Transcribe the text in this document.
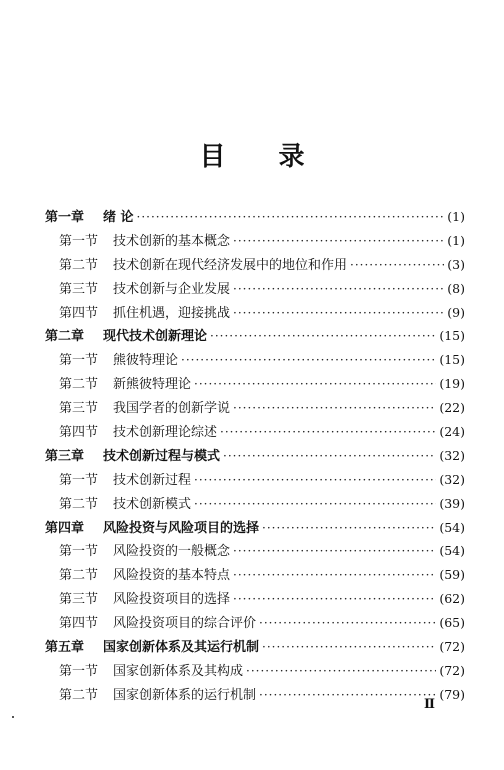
目 录
第一章	绪 论 ·····	(1)
第一节	技术创新的基本概念 ·····	(1)
第二节	技术创新在现代经济发展中的地位和作用 ·····	(3)
第三节	技术创新与企业发展 ·····	(8)
第四节	抓住机遇，迎接挑战 ·····	(9)
第二章	现代技术创新理论 ·····	(15)
第一节	熊彼特理论 ·····	(15)
第二节	新熊彼特理论 ·····	(19)
第三节	我国学者的创新学说 ·····	(22)
第四节	技术创新理论综述 ·····	(24)
第三章	技术创新过程与模式 ·····	(32)
第一节	技术创新过程 ·····	(32)
第二节	技术创新模式 ·····	(39)
第四章	风险投资与风险项目的选择 ·····	(54)
第一节	风险投资的一般概念 ·····	(54)
第二节	风险投资的基本特点 ·····	(59)
第三节	风险投资项目的选择 ·····	(62)
第四节	风险投资项目的综合评价 ·····	(65)
第五章	国家创新体系及其运行机制 ·····	(72)
第一节	国家创新体系及其构成 ·····	(72)
第二节	国家创新体系的运行机制 ·····	(79)
Ⅱ
